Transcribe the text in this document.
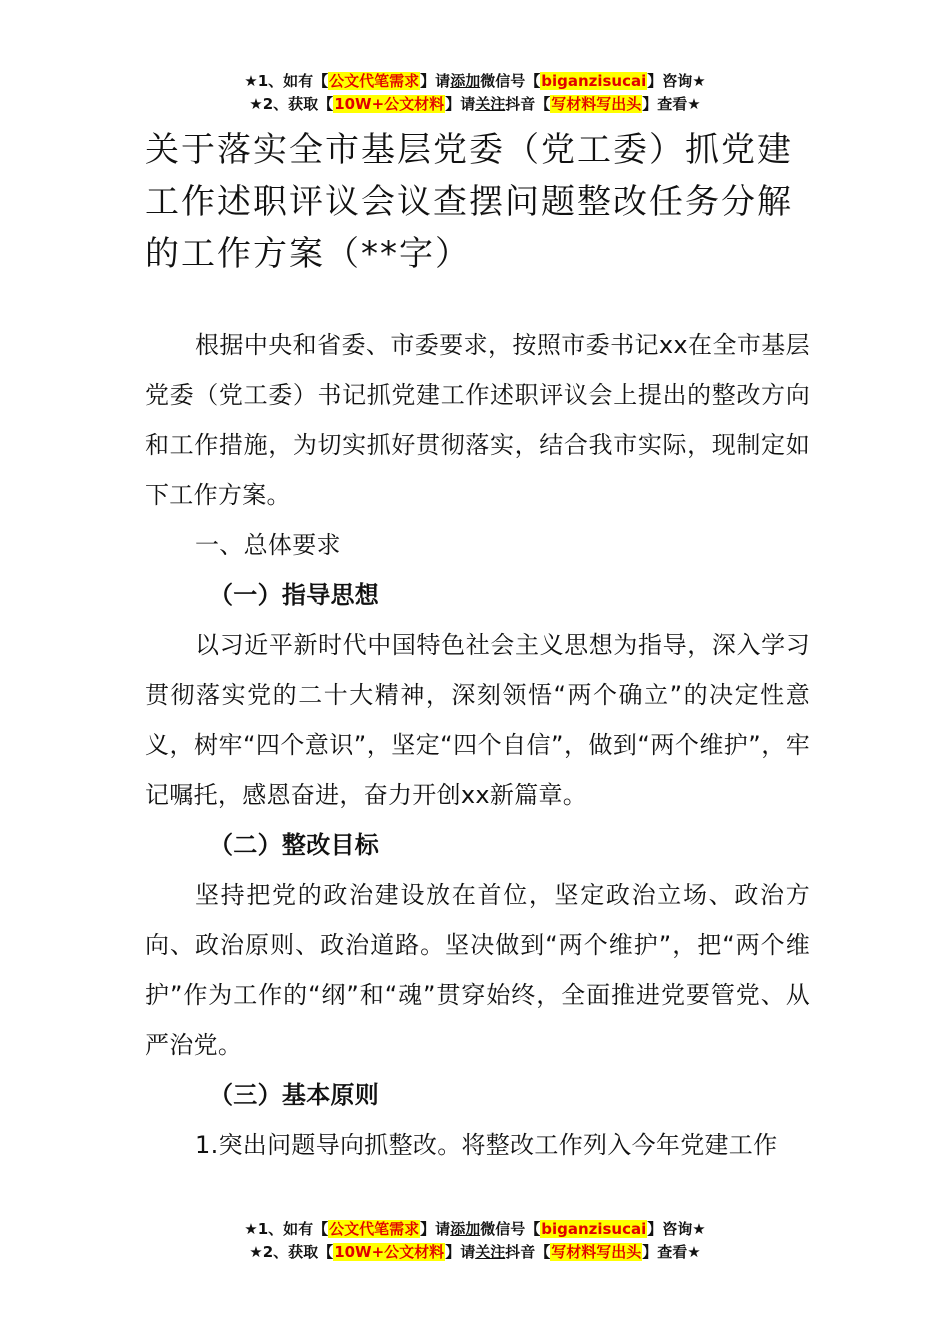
★1、如有【公文代笔需求】请添加微信号【biganzisucai】咨询★
★2、获取【10W+公文材料】请关注抖音【写材料写出头】查看★
关于落实全市基层党委（党工委）抓党建工作述职评议会议查摆问题整改任务分解的工作方案（**字）

根据中央和省委、市委要求，按照市委书记xx在全市基层党委（党工委）书记抓党建工作述职评议会上提出的整改方向和工作措施，为切实抓好贯彻落实，结合我市实际，现制定如下工作方案。

一、总体要求

（一）指导思想

以习近平新时代中国特色社会主义思想为指导，深入学习贯彻落实党的二十大精神，深刻领悟“两个确立”的决定性意义，树牢“四个意识”，坚定“四个自信”，做到“两个维护”，牢记嘱托，感恩奋进，奋力开创xx新篇章。

（二）整改目标

坚持把党的政治建设放在首位，坚定政治立场、政治方向、政治原则、政治道路。坚决做到“两个维护”，把“两个维护”作为工作的“纲”和“魂”贯穿始终，全面推进党要管党、从严治党。

（三）基本原则

1.突出问题导向抓整改。将整改工作列入今年党建工作

★1、如有【公文代笔需求】请添加微信号【biganzisucai】咨询★
★2、获取【10W+公文材料】请关注抖音【写材料写出头】查看★
